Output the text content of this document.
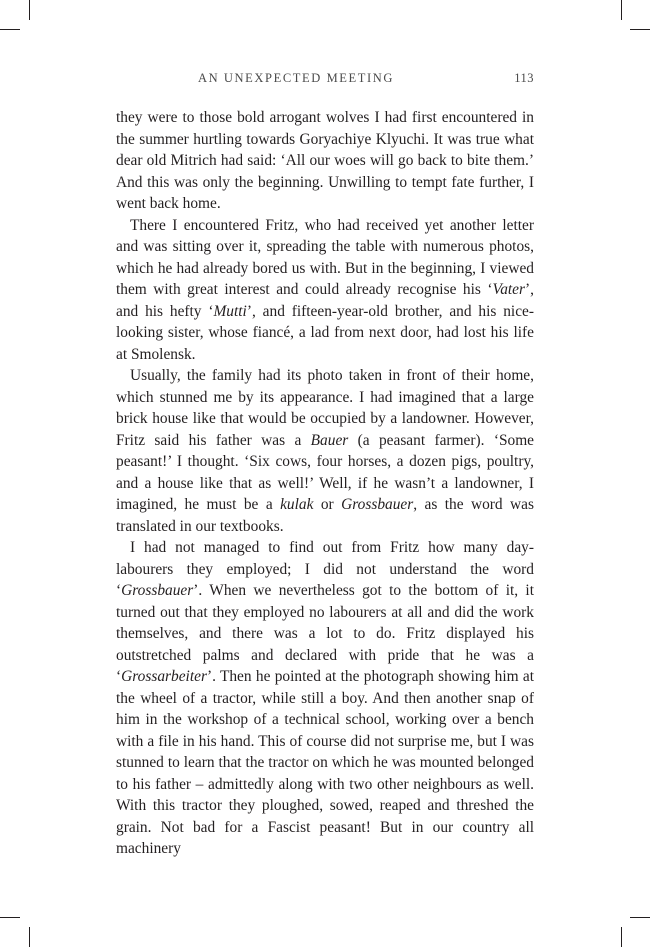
AN UNEXPECTED MEETING	113

they were to those bold arrogant wolves I had first encountered in the summer hurtling towards Goryachiye Klyuchi. It was true what dear old Mitrich had said: ‘All our woes will go back to bite them.’ And this was only the beginning. Unwilling to tempt fate further, I went back home.

There I encountered Fritz, who had received yet another letter and was sitting over it, spreading the table with numerous photos, which he had already bored us with. But in the beginning, I viewed them with great interest and could already recognise his ‘Vater’, and his hefty ‘Mutti’, and fifteen-year-old brother, and his nice-looking sister, whose fiancé, a lad from next door, had lost his life at Smolensk.

Usually, the family had its photo taken in front of their home, which stunned me by its appearance. I had imagined that a large brick house like that would be occupied by a landowner. However, Fritz said his father was a Bauer (a peasant farmer). ‘Some peasant!’ I thought. ‘Six cows, four horses, a dozen pigs, poultry, and a house like that as well!’ Well, if he wasn’t a landowner, I imagined, he must be a kulak or Grossbauer, as the word was translated in our textbooks.

I had not managed to find out from Fritz how many day-labourers they employed; I did not understand the word ‘Grossbauer’. When we nevertheless got to the bottom of it, it turned out that they employed no labourers at all and did the work themselves, and there was a lot to do. Fritz displayed his outstretched palms and declared with pride that he was a ‘Grossarbeiter’. Then he pointed at the photograph showing him at the wheel of a tractor, while still a boy. And then another snap of him in the workshop of a technical school, working over a bench with a file in his hand. This of course did not surprise me, but I was stunned to learn that the tractor on which he was mounted belonged to his father – admittedly along with two other neighbours as well. With this tractor they ploughed, sowed, reaped and threshed the grain. Not bad for a Fascist peasant! But in our country all machinery
